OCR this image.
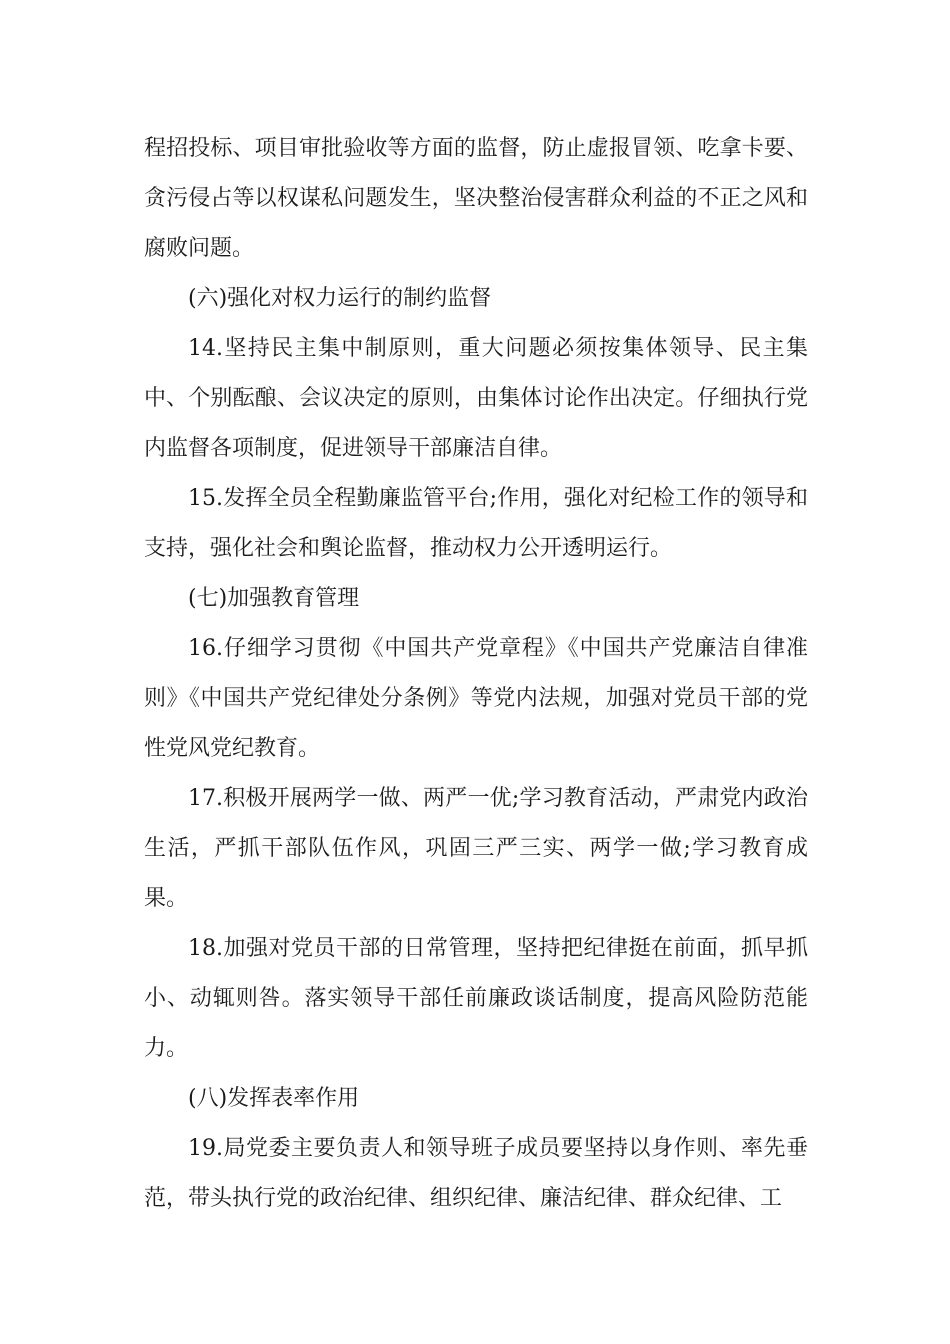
程招投标、项目审批验收等方面的监督，防止虚报冒领、吃拿卡要、贪污侵占等以权谋私问题发生，坚决整治侵害群众利益的不正之风和腐败问题。

(六)强化对权力运行的制约监督

14.坚持民主集中制原则，重大问题必须按集体领导、民主集中、个别酝酿、会议决定的原则，由集体讨论作出决定。仔细执行党内监督各项制度，促进领导干部廉洁自律。

15.发挥全员全程勤廉监管平台;作用，强化对纪检工作的领导和支持，强化社会和舆论监督，推动权力公开透明运行。

(七)加强教育管理

16.仔细学习贯彻《中国共产党章程》《中国共产党廉洁自律准则》《中国共产党纪律处分条例》等党内法规，加强对党员干部的党性党风党纪教育。

17.积极开展两学一做、两严一优;学习教育活动，严肃党内政治生活，严抓干部队伍作风，巩固三严三实、两学一做;学习教育成果。

18.加强对党员干部的日常管理，坚持把纪律挺在前面，抓早抓小、动辄则咎。落实领导干部任前廉政谈话制度，提高风险防范能力。

(八)发挥表率作用

19.局党委主要负责人和领导班子成员要坚持以身作则、率先垂范，带头执行党的政治纪律、组织纪律、廉洁纪律、群众纪律、工
